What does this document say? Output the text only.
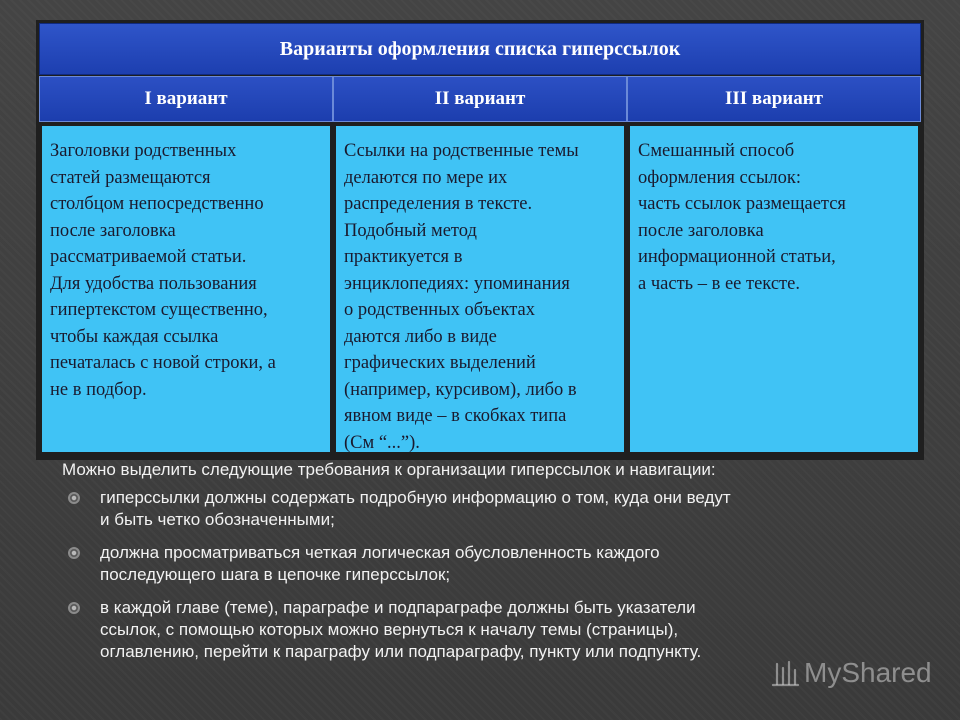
Варианты оформления списка гиперссылок
I вариант	II вариант	III вариант
Заголовки родственных
статей размещаются
столбцом непосредственно
после заголовка
рассматриваемой статьи.
Для удобства пользования
гипертекстом существенно,
чтобы каждая ссылка
печаталась с новой строки, а
не в подбор.
Ссылки на родственные темы
делаются по мере их
распределения в тексте.
Подобный метод
практикуется в
энциклопедиях: упоминания
о родственных объектах
даются либо в виде
графических выделений
(например, курсивом), либо в
явном виде – в скобках типа
(См “...”).
Смешанный способ
оформления ссылок:
часть ссылок размещается
после заголовка
информационной статьи,
а часть – в ее тексте.
Можно выделить следующие требования к организации гиперссылок и навигации:
гиперссылки должны содержать подробную информацию о том, куда они ведут
и быть четко обозначенными;
должна просматриваться четкая логическая обусловленность каждого
последующего шага в цепочке гиперссылок;
в каждой главе (теме), параграфе и подпараграфе должны быть указатели
ссылок, с помощью которых можно вернуться к началу темы (страницы),
оглавлению, перейти к параграфу или подпараграфу, пункту или подпункту.
MyShared
